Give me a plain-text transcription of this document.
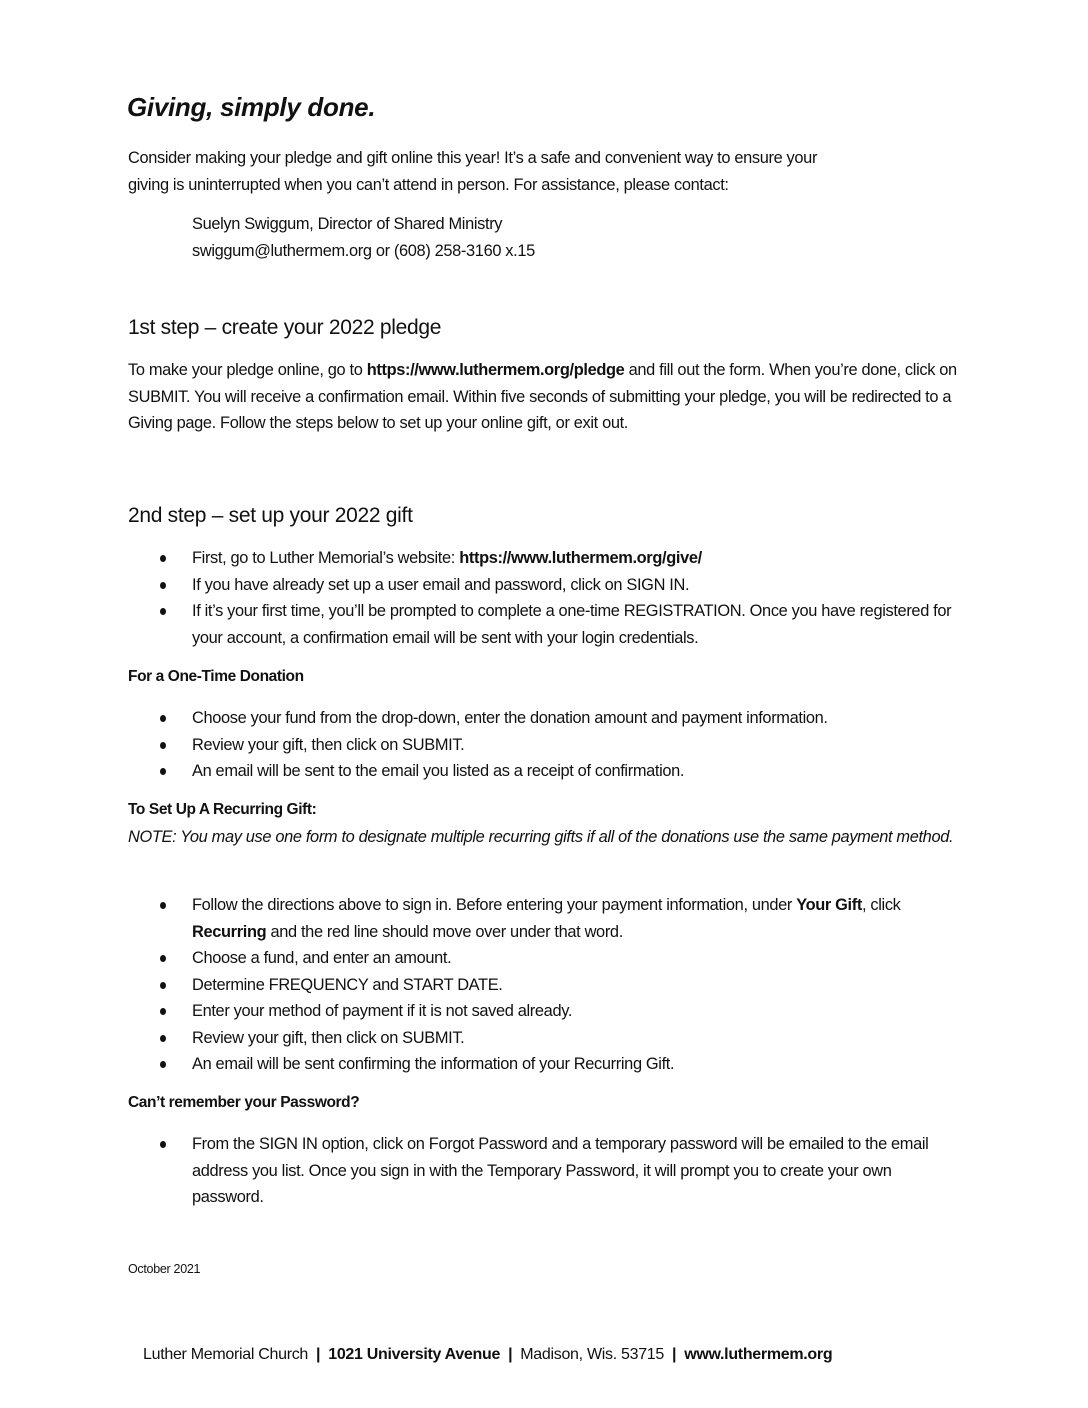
Giving, simply done.
Consider making your pledge and gift online this year! It’s a safe and convenient way to ensure your
giving is uninterrupted when you can’t attend in person. For assistance, please contact:
Suelyn Swiggum, Director of Shared Ministry
swiggum@luthermem.org or (608) 258-3160 x.15
1st step – create your 2022 pledge
To make your pledge online, go to https://www.luthermem.org/pledge and fill out the form. When you’re done, click on SUBMIT. You will receive a confirmation email. Within five seconds of submitting your pledge, you will be redirected to a Giving page. Follow the steps below to set up your online gift, or exit out.
2nd step – set up your 2022 gift
First, go to Luther Memorial’s website: https://www.luthermem.org/give/
If you have already set up a user email and password, click on SIGN IN.
If it’s your first time, you’ll be prompted to complete a one-time REGISTRATION. Once you have registered for your account, a confirmation email will be sent with your login credentials.
For a One-Time Donation
Choose your fund from the drop-down, enter the donation amount and payment information.
Review your gift, then click on SUBMIT.
An email will be sent to the email you listed as a receipt of confirmation.
To Set Up A Recurring Gift:
NOTE: You may use one form to designate multiple recurring gifts if all of the donations use the same payment method.
Follow the directions above to sign in. Before entering your payment information, under Your Gift, click Recurring and the red line should move over under that word.
Choose a fund, and enter an amount.
Determine FREQUENCY and START DATE.
Enter your method of payment if it is not saved already.
Review your gift, then click on SUBMIT.
An email will be sent confirming the information of your Recurring Gift.
Can’t remember your Password?
From the SIGN IN option, click on Forgot Password and a temporary password will be emailed to the email address you list. Once you sign in with the Temporary Password, it will prompt you to create your own password.
October 2021
Luther Memorial Church | 1021 University Avenue | Madison, Wis. 53715 | www.luthermem.org
